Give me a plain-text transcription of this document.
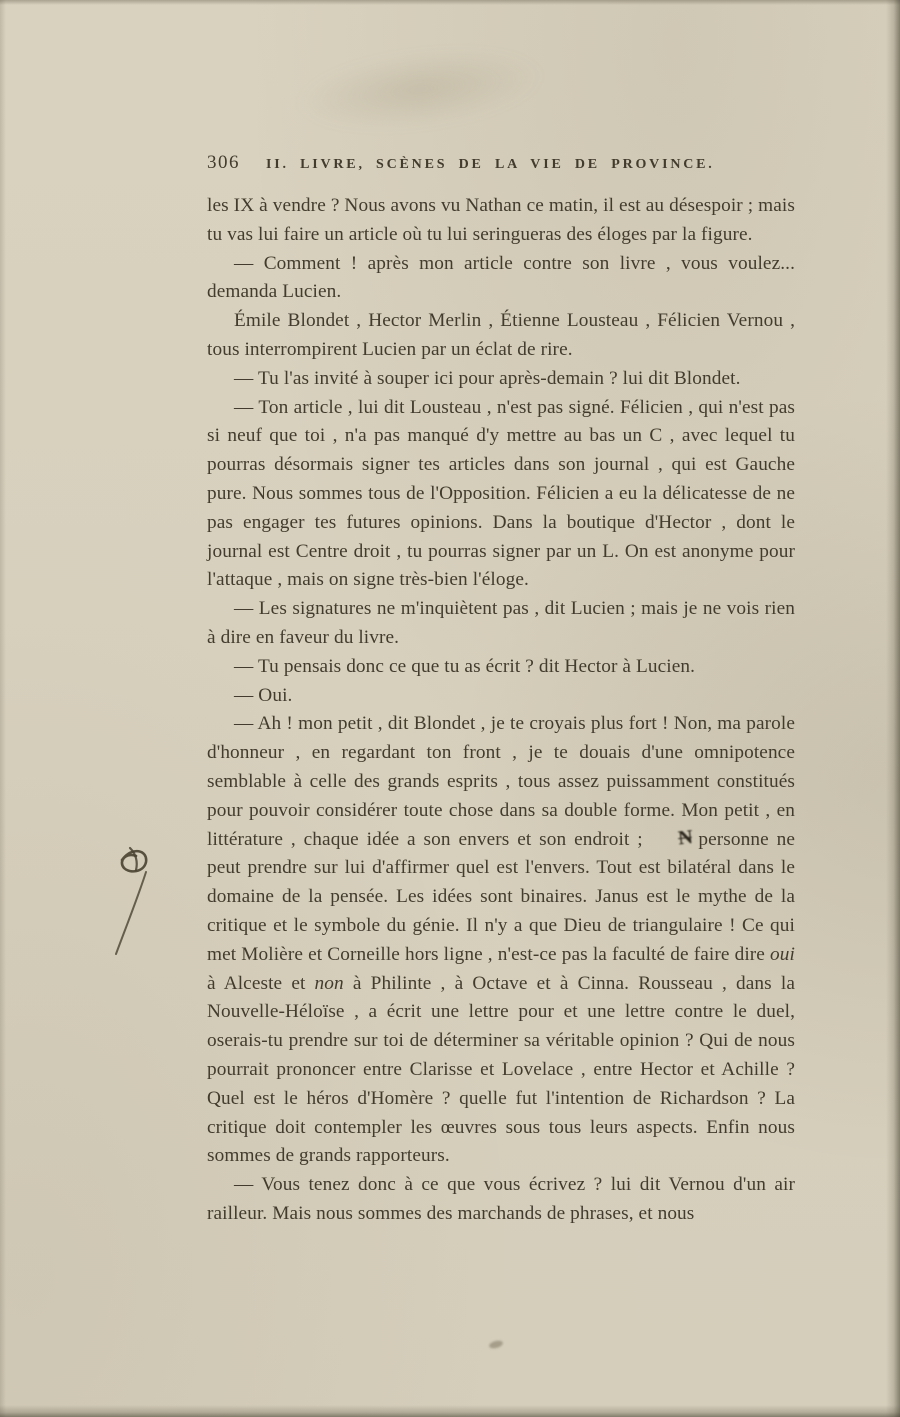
306 II. LIVRE, SCÈNES DE LA VIE DE PROVINCE.

les IX à vendre ? Nous avons vu Nathan ce matin, il est au désespoir ; mais tu vas lui faire un article où tu lui seringueras des éloges par la figure.

— Comment ! après mon article contre son livre , vous voulez... demanda Lucien.

Émile Blondet , Hector Merlin , Étienne Lousteau , Félicien Vernou , tous interrompirent Lucien par un éclat de rire.

— Tu l'as invité à souper ici pour après-demain ? lui dit Blondet.

— Ton article , lui dit Lousteau , n'est pas signé. Félicien , qui n'est pas si neuf que toi , n'a pas manqué d'y mettre au bas un C , avec lequel tu pourras désormais signer tes articles dans son journal , qui est Gauche pure. Nous sommes tous de l'Opposition. Félicien a eu la délicatesse de ne pas engager tes futures opinions. Dans la boutique d'Hector , dont le journal est Centre droit , tu pourras signer par un L. On est anonyme pour l'attaque , mais on signe très-bien l'éloge.

— Les signatures ne m'inquiètent pas , dit Lucien ; mais je ne vois rien à dire en faveur du livre.

— Tu pensais donc ce que tu as écrit ? dit Hector à Lucien.

— Oui.

— Ah ! mon petit , dit Blondet , je te croyais plus fort ! Non, ma parole d'honneur , en regardant ton front , je te douais d'une omnipotence semblable à celle des grands esprits , tous assez puissamment constitués pour pouvoir considérer toute chose dans sa double forme. Mon petit , en littérature , chaque idée a son envers et son endroit ; N personne ne peut prendre sur lui d'affirmer quel est l'envers. Tout est bilatéral dans le domaine de la pensée. Les idées sont binaires. Janus est le mythe de la critique et le symbole du génie. Il n'y a que Dieu de triangulaire ! Ce qui met Molière et Corneille hors ligne , n'est-ce pas la faculté de faire dire oui à Alceste et non à Philinte , à Octave et à Cinna. Rousseau , dans la Nouvelle-Héloïse , a écrit une lettre pour et une lettre contre le duel, oserais-tu prendre sur toi de déterminer sa véritable opinion ? Qui de nous pourrait prononcer entre Clarisse et Lovelace , entre Hector et Achille ? Quel est le héros d'Homère ? quelle fut l'intention de Richardson ? La critique doit contempler les œuvres sous tous leurs aspects. Enfin nous sommes de grands rapporteurs.

— Vous tenez donc à ce que vous écrivez ? lui dit Vernou d'un air railleur. Mais nous sommes des marchands de phrases, et nous
